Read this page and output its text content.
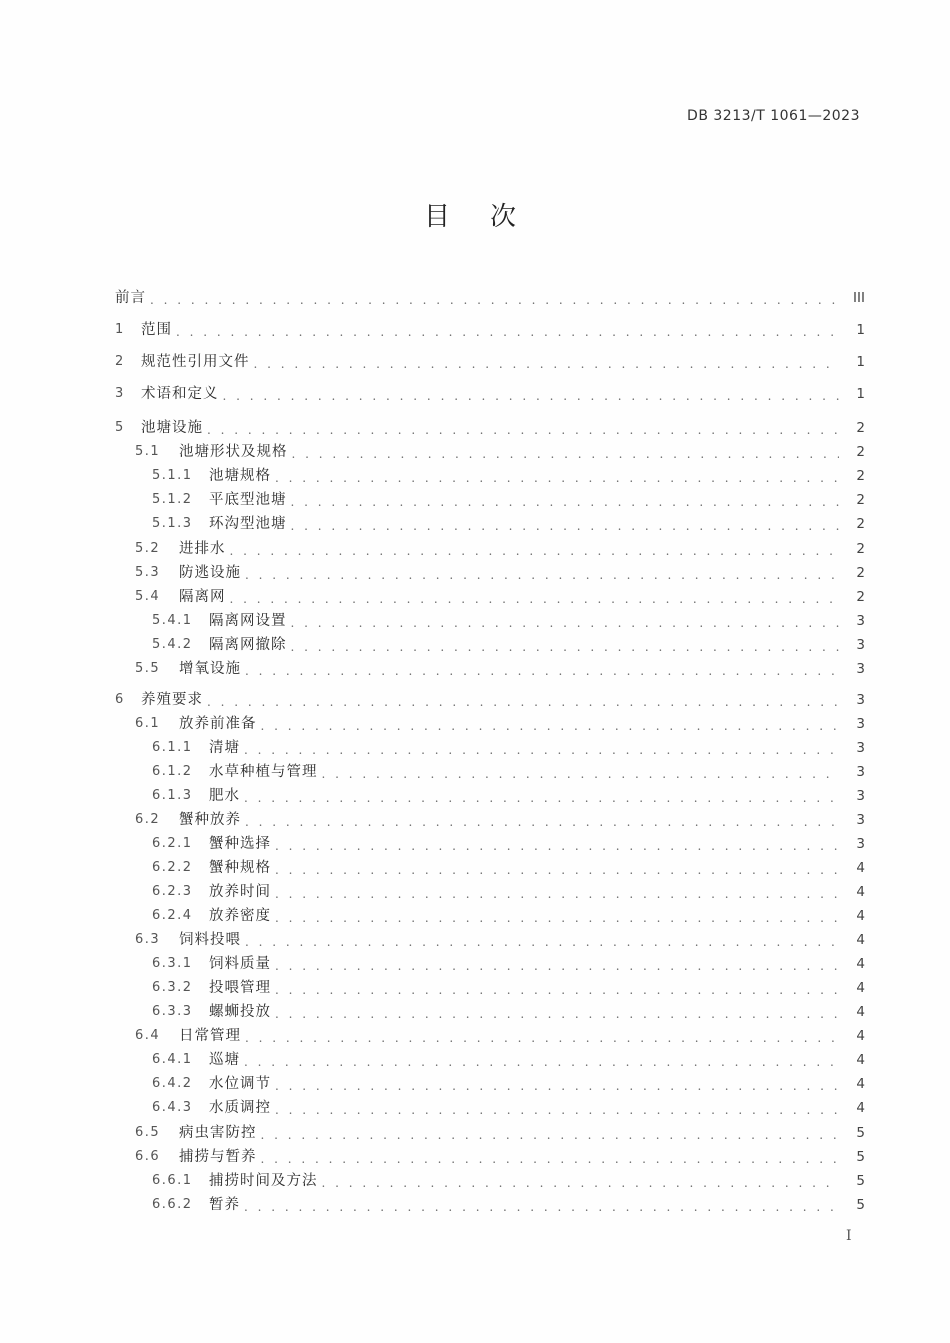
DB 3213/T 1061—2023
目次
前言 . . .	III
1	范围 . . .	1
2	规范性引用文件 . . .	1
3	术语和定义 . . .	1
5	池塘设施 . . .	2
5.1	池塘形状及规格 . . .	2
5.1.1	池塘规格 . . .	2
5.1.2	平底型池塘 . . .	2
5.1.3	环沟型池塘 . . .	2
5.2	进排水 . . .	2
5.3	防逃设施 . . .	2
5.4	隔离网 . . .	2
5.4.1	隔离网设置 . . .	3
5.4.2	隔离网撤除 . . .	3
5.5	增氧设施 . . .	3
6	养殖要求 . . .	3
6.1	放养前准备 . . .	3
6.1.1	清塘 . . .	3
6.1.2	水草种植与管理 . . .	3
6.1.3	肥水 . . .	3
6.2	蟹种放养 . . .	3
6.2.1	蟹种选择 . . .	3
6.2.2	蟹种规格 . . .	4
6.2.3	放养时间 . . .	4
6.2.4	放养密度 . . .	4
6.3	饲料投喂 . . .	4
6.3.1	饲料质量 . . .	4
6.3.2	投喂管理 . . .	4
6.3.3	螺蛳投放 . . .	4
6.4	日常管理 . . .	4
6.4.1	巡塘 . . .	4
6.4.2	水位调节 . . .	4
6.4.3	水质调控 . . .	4
6.5	病虫害防控 . . .	5
6.6	捕捞与暂养 . . .	5
6.6.1	捕捞时间及方法 . . .	5
6.6.2	暂养 . . .	5
I
